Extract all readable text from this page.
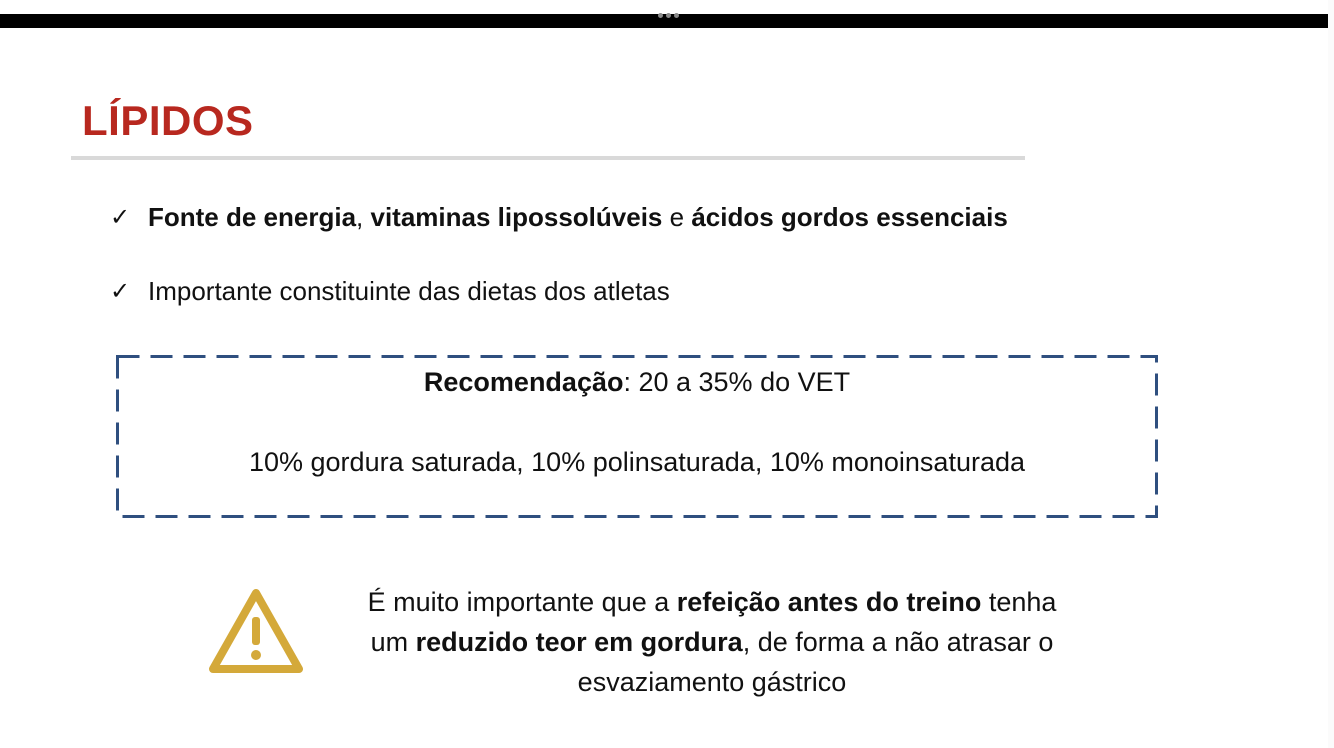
LÍPIDOS
✓ Fonte de energia, vitaminas lipossolúveis e ácidos gordos essenciais
✓ Importante constituinte das dietas dos atletas
Recomendação: 20 a 35% do VET
10% gordura saturada, 10% polinsaturada, 10% monoinsaturada
É muito importante que a refeição antes do treino tenha
um reduzido teor em gordura, de forma a não atrasar o
esvaziamento gástrico
